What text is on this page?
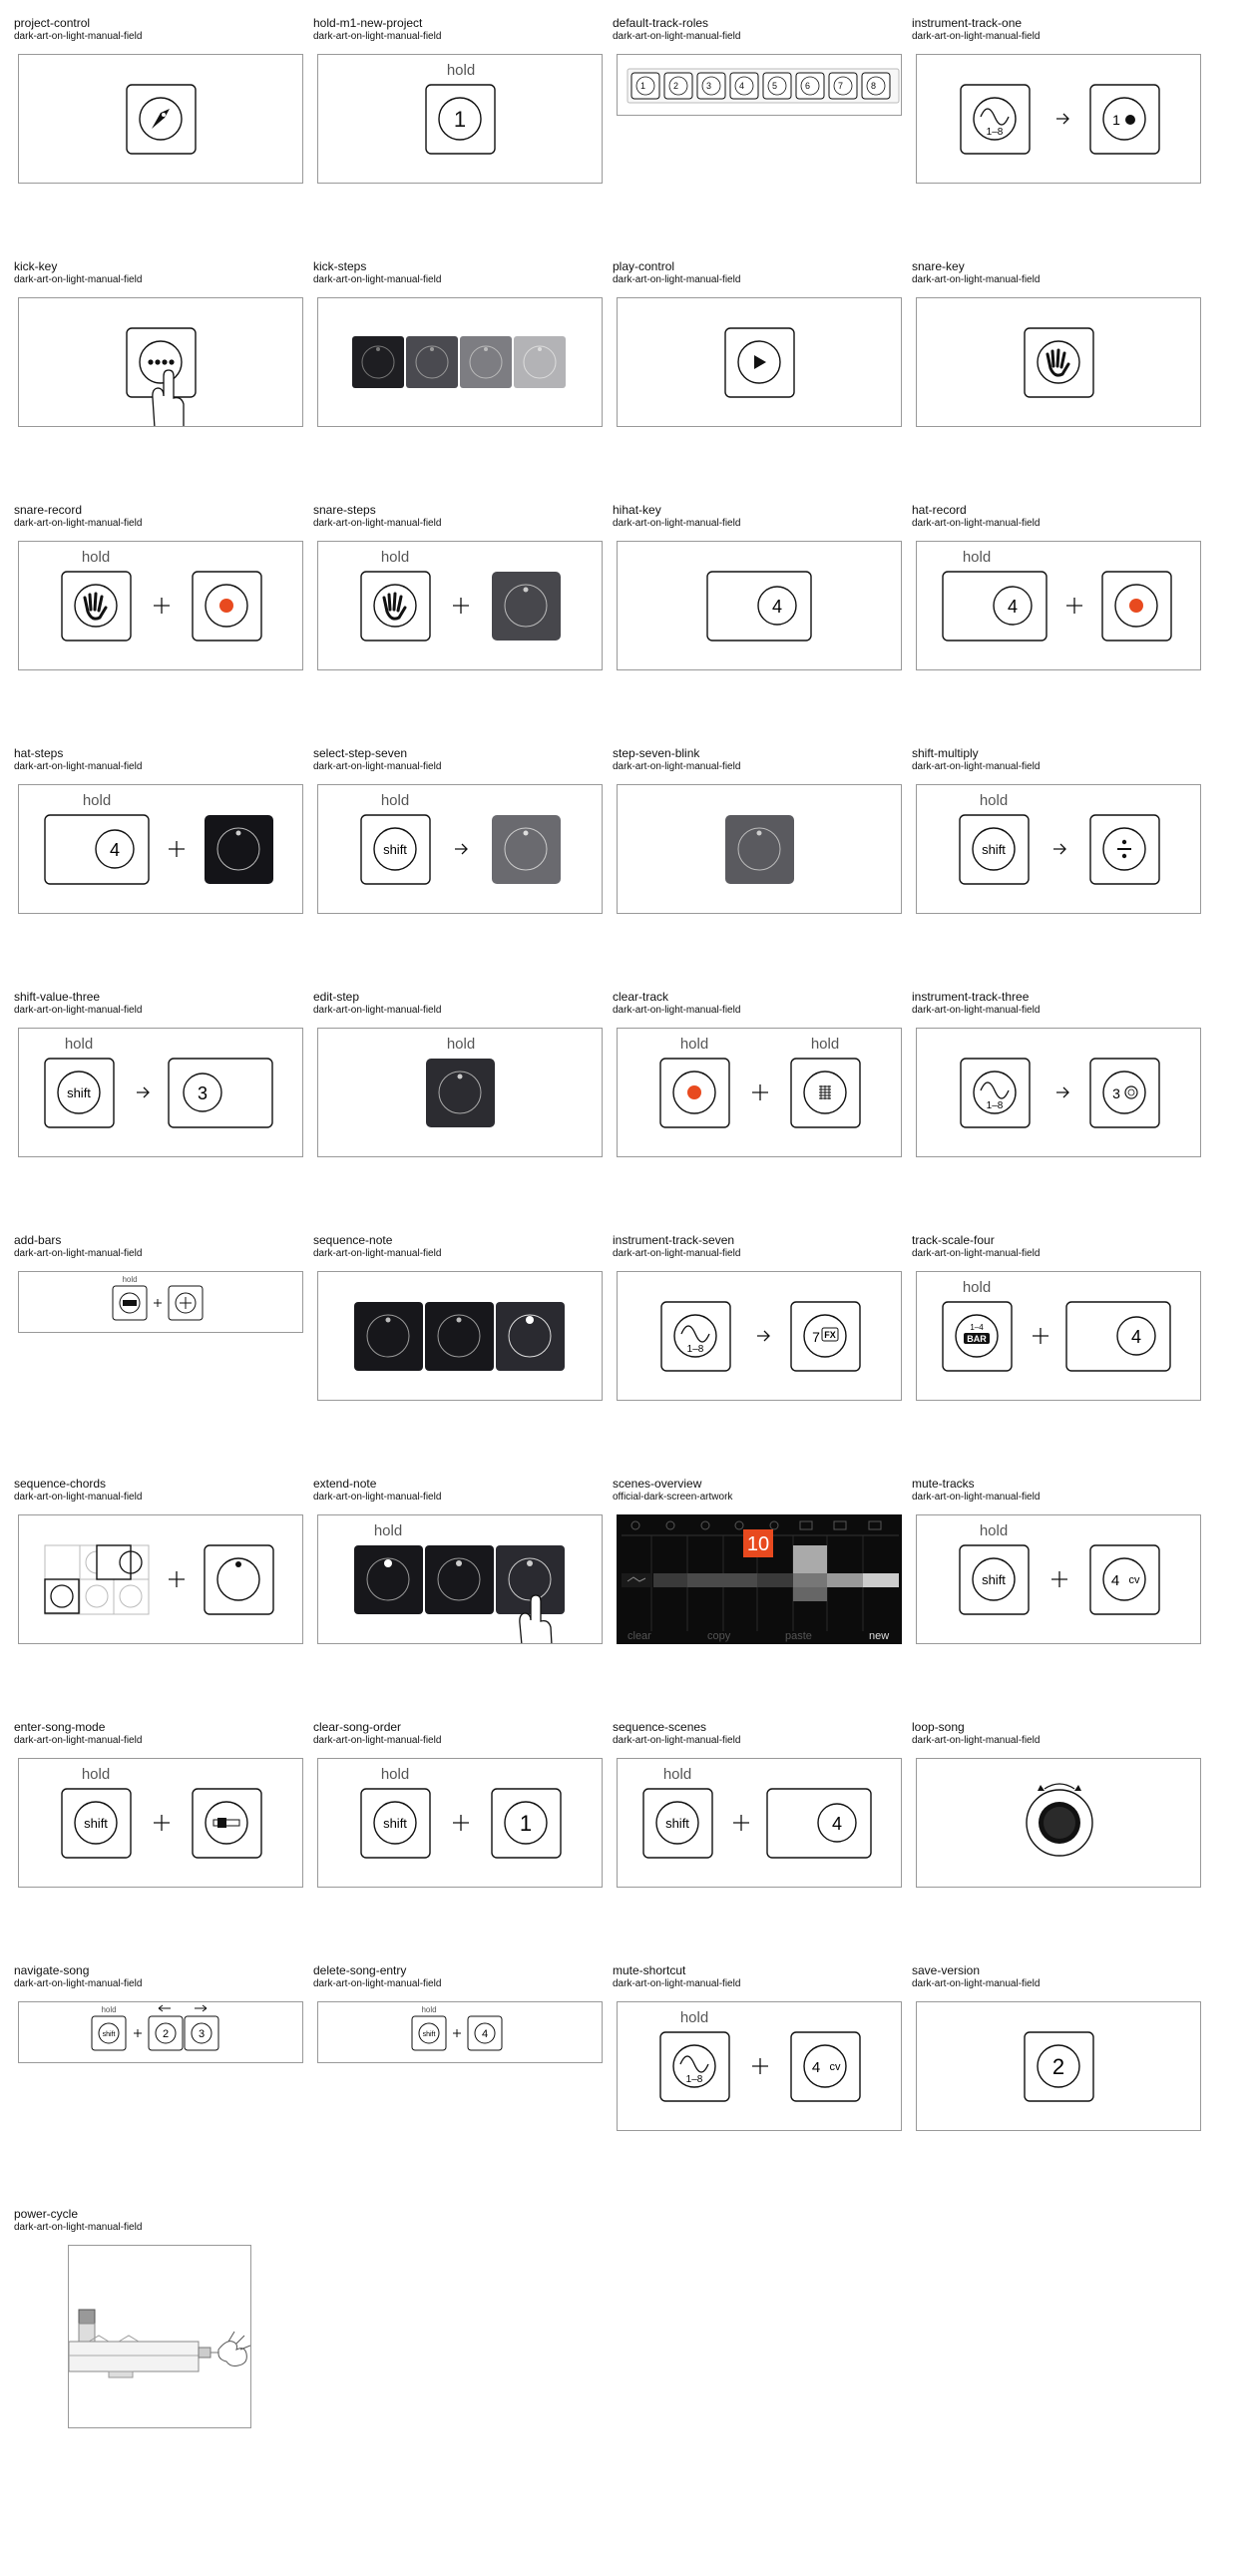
project-control
dark-art-on-light-manual-field
hold-m1-new-project
dark-art-on-light-manual-field
hold
1
default-track-roles
dark-art-on-light-manual-field
1	2	3	4	5	6	7	8
instrument-track-one
dark-art-on-light-manual-field
1–8
1
kick-key
dark-art-on-light-manual-field
kick-steps
dark-art-on-light-manual-field
play-control
dark-art-on-light-manual-field
snare-key
dark-art-on-light-manual-field
snare-record
dark-art-on-light-manual-field
hold
snare-steps
dark-art-on-light-manual-field
hold
hihat-key
dark-art-on-light-manual-field
4
hat-record
dark-art-on-light-manual-field
hold
4
hat-steps
dark-art-on-light-manual-field
hold
4
select-step-seven
dark-art-on-light-manual-field
hold
shift
step-seven-blink
dark-art-on-light-manual-field
shift-multiply
dark-art-on-light-manual-field
hold
shift
shift-value-three
dark-art-on-light-manual-field
hold
shift	3
edit-step
dark-art-on-light-manual-field
hold
clear-track
dark-art-on-light-manual-field
hold	hold
instrument-track-three
dark-art-on-light-manual-field
1–8
3
add-bars
dark-art-on-light-manual-field
hold
sequence-note
dark-art-on-light-manual-field
instrument-track-seven
dark-art-on-light-manual-field
1–8
7 FX
track-scale-four
dark-art-on-light-manual-field
hold
1–4
BAR	4
sequence-chords
dark-art-on-light-manual-field
extend-note
dark-art-on-light-manual-field
hold
scenes-overview
official-dark-screen-artwork
10
clear	copy	paste	new
mute-tracks
dark-art-on-light-manual-field
hold
shift	4 cv
enter-song-mode
dark-art-on-light-manual-field
hold
shift
clear-song-order
dark-art-on-light-manual-field
hold
shift	1
sequence-scenes
dark-art-on-light-manual-field
hold
shift	4
loop-song
dark-art-on-light-manual-field
navigate-song
dark-art-on-light-manual-field
hold
shift	2	3
delete-song-entry
dark-art-on-light-manual-field
hold
shift	4
mute-shortcut
dark-art-on-light-manual-field
hold
1–8
4 cv
save-version
dark-art-on-light-manual-field
2
power-cycle
dark-art-on-light-manual-field
